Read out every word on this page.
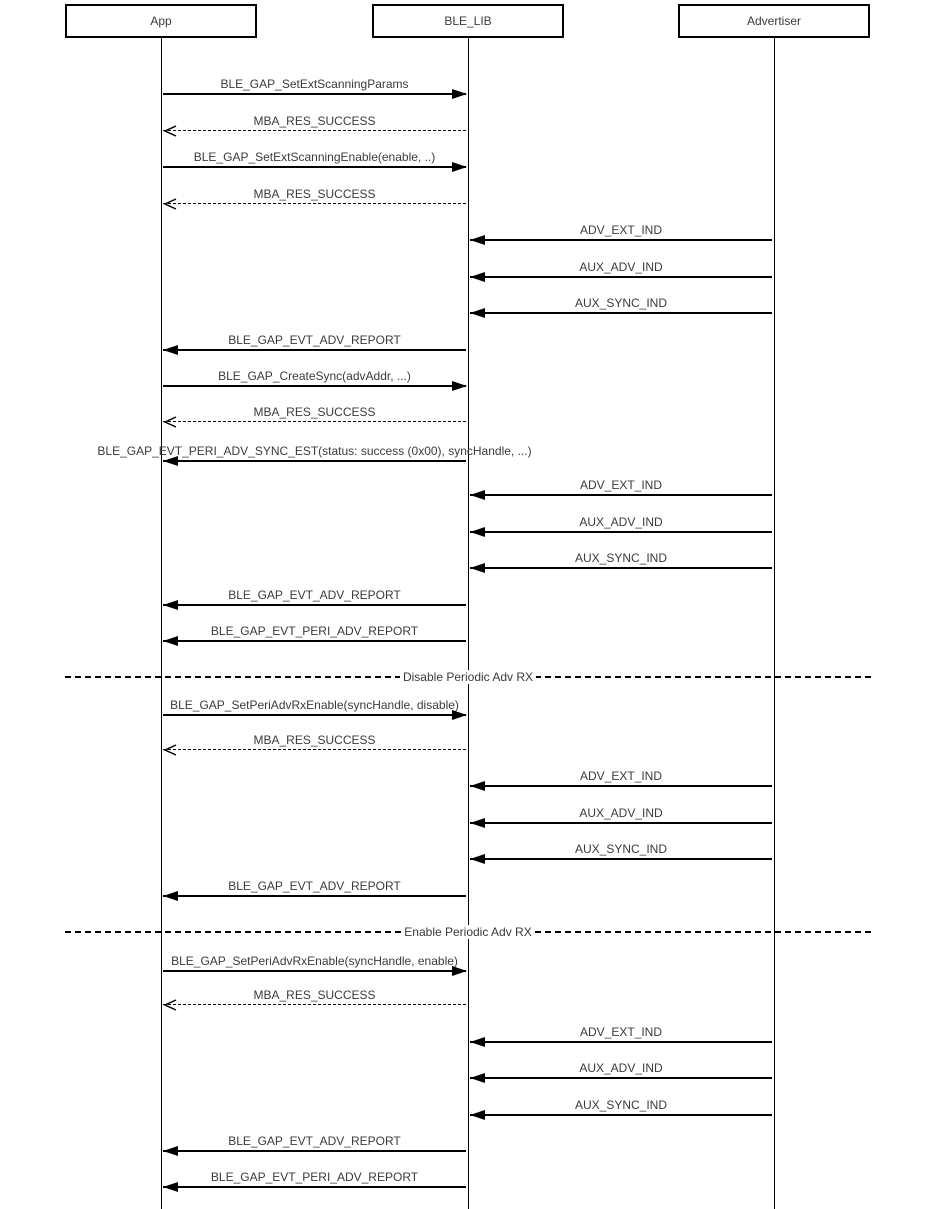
App	BLE_LIB	Advertiser
BLE_GAP_SetExtScanningParams
MBA_RES_SUCCESS
BLE_GAP_SetExtScanningEnable(enable, ..)
MBA_RES_SUCCESS
ADV_EXT_IND
AUX_ADV_IND
AUX_SYNC_IND
BLE_GAP_EVT_ADV_REPORT
BLE_GAP_CreateSync(advAddr, ...)
MBA_RES_SUCCESS
BLE_GAP_EVT_PERI_ADV_SYNC_EST(status: success (0x00), syncHandle, ...)
ADV_EXT_IND
AUX_ADV_IND
AUX_SYNC_IND
BLE_GAP_EVT_ADV_REPORT
BLE_GAP_EVT_PERI_ADV_REPORT
BLE_GAP_SetPeriAdvRxEnable(syncHandle, disable)
MBA_RES_SUCCESS
ADV_EXT_IND
AUX_ADV_IND
AUX_SYNC_IND
BLE_GAP_EVT_ADV_REPORT
BLE_GAP_SetPeriAdvRxEnable(syncHandle, enable)
MBA_RES_SUCCESS
ADV_EXT_IND
AUX_ADV_IND
AUX_SYNC_IND
BLE_GAP_EVT_ADV_REPORT
BLE_GAP_EVT_PERI_ADV_REPORT
Disable Periodic Adv RX
Enable Periodic Adv RX
